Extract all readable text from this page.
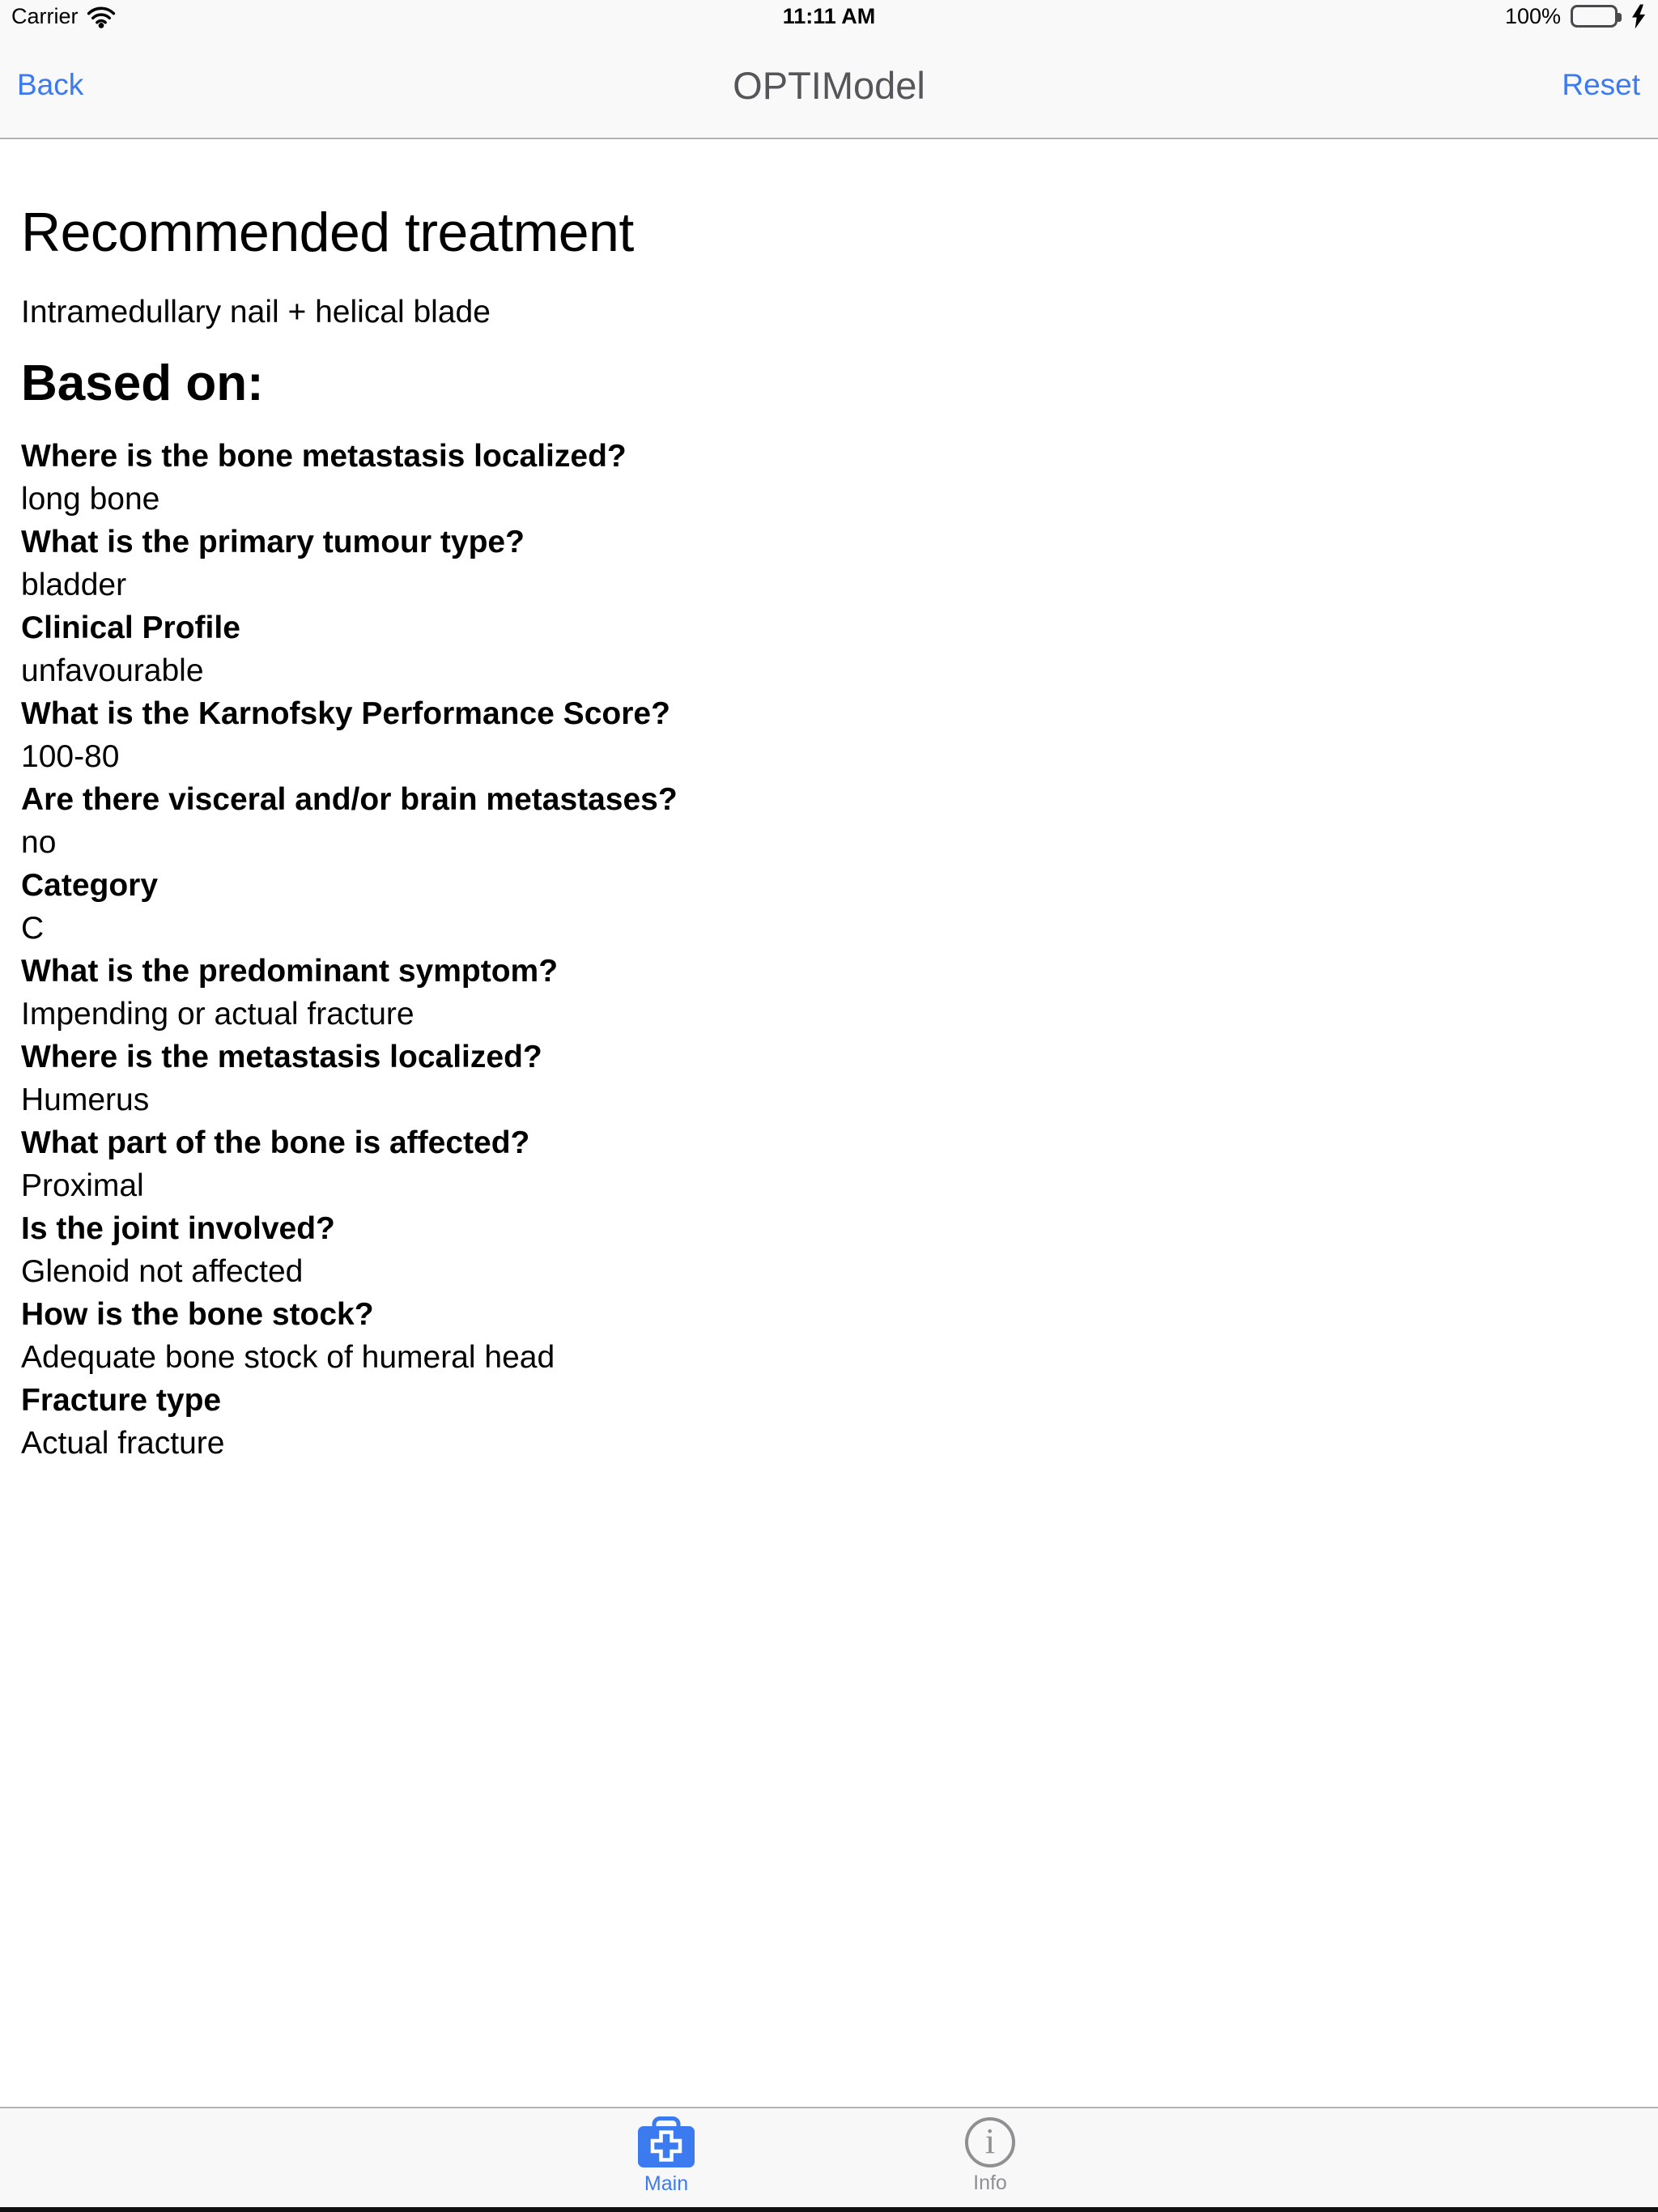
Carrier	11:11 AM	100%
Back	OPTIModel	Reset
Recommended treatment
Intramedullary nail + helical blade
Based on:
Where is the bone metastasis localized?
long bone
What is the primary tumour type?
bladder
Clinical Profile
unfavourable
What is the Karnofsky Performance Score?
100-80
Are there visceral and/or brain metastases?
no
Category
C
What is the predominant symptom?
Impending or actual fracture
Where is the metastasis localized?
Humerus
What part of the bone is affected?
Proximal
Is the joint involved?
Glenoid not affected
How is the bone stock?
Adequate bone stock of humeral head
Fracture type
Actual fracture
Main
i
Info
